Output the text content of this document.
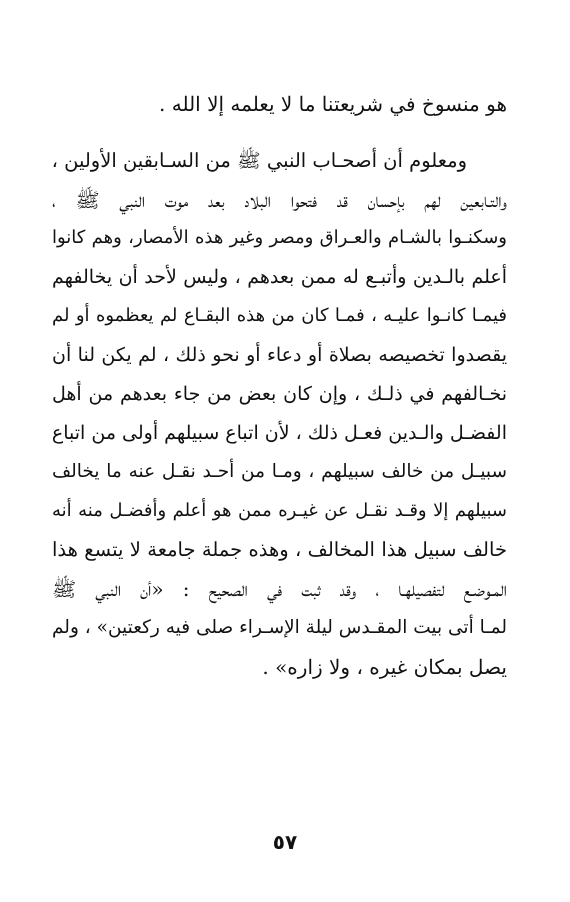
هو منسوخ في شريعتنا ما لا يعلمه إلا الله .
ومعلوم أن أصحـاب النبي ﷺ من السـابقين الأولين ،
والتـابعين لهم بإحسان قد فتحوا البلاد بعد موت النبي ﷺ ،
وسكنـوا بالشـام والعـراق ومصر وغير هذه الأمصار، وهم كانوا
أعلم بالـدين وأتبـع له ممن بعدهم ، وليس لأحد أن يخالفهم
فيمـا كانـوا عليـه ، فمـا كان من هذه البقـاع لم يعظموه أو لم
يقصدوا تخصيصه بصلاة أو دعاء أو نحو ذلك ، لم يكن لنا أن
نخـالفهم في ذلـك ، وإن كان بعض من جاء بعدهم من أهل
الفضـل والـدين فعـل ذلك ، لأن اتباع سبيلهم أولى من اتباع
سبيـل من خالف سبيلهم ، ومـا من أحـد نقـل عنه ما يخالف
سبيلهم إلا وقـد نقـل عن غيـره ممن هو أعلم وأفضـل منه أنه
خالف سبيل هذا المخالف ، وهذه جملة جامعة لا يتسع هذا
المـوضـع لتفصيلهـا ، وقد ثبت في الصحيح : «أن النبي ﷺ
لمـا أتى بيت المقـدس ليلة الإسـراء صلى فيه ركعتين» ، ولم
يصل بمكان غيره ، ولا زاره» .
٥٧
